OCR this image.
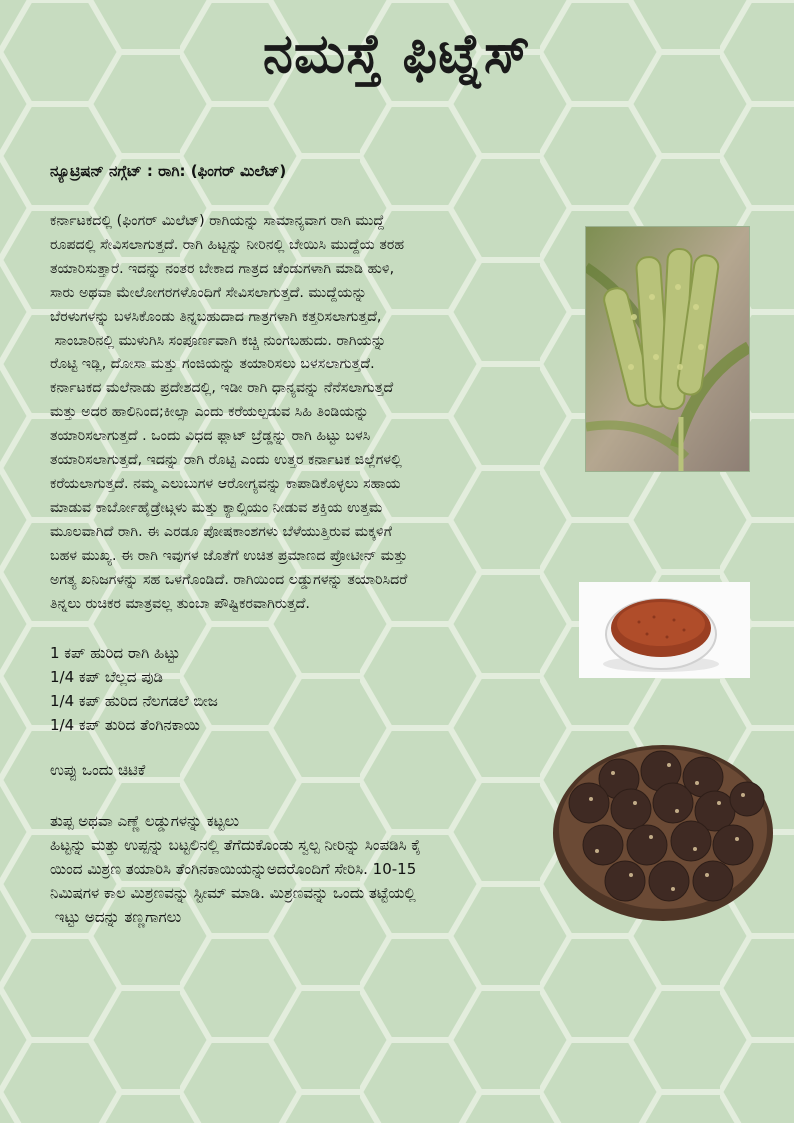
ನಮಸ್ತೆ ಫಿಟ್ನೆಸ್

ನ್ಯೂಟ್ರಿಷನ್ ನಗ್ಗೆಟ್ : ರಾಗಿ: (ಫಿಂಗರ್ ಮಿಲೆಟ್)

ಕರ್ನಾಟಕದಲ್ಲಿ (ಫಿಂಗರ್ ಮಿಲೆಟ್) ರಾಗಿಯನ್ನು ಸಾಮಾನ್ಯವಾಗ ರಾಗಿ ಮುದ್ದೆ
ರೂಪದಲ್ಲಿ ಸೇವಿಸಲಾಗುತ್ತದೆ. ರಾಗಿ ಹಿಟ್ಟನ್ನು ನೀರಿನಲ್ಲಿ ಬೇಯಿಸಿ ಮುದ್ದೆಯ ತರಹ
ತಯಾರಿಸುತ್ತಾರೆ. ಇದನ್ನು ನಂತರ ಬೇಕಾದ ಗಾತ್ರದ ಚೆಂಡುಗಳಾಗಿ ಮಾಡಿ ಹುಳಿ,
ಸಾರು ಅಥವಾ ಮೇಲೋಗರಗಳೊಂದಿಗೆ ಸೇವಿಸಲಾಗುತ್ತದೆ. ಮುದ್ದೆಯನ್ನು
ಬೆರಳುಗಳನ್ನು ಬಳಸಿಕೊಂಡು ತಿನ್ನಬಹುದಾದ ಗಾತ್ರಗಳಾಗಿ ಕತ್ತರಿಸಲಾಗುತ್ತದೆ,
ಸಾಂಬಾರಿನಲ್ಲಿ ಮುಳುಗಿಸಿ ಸಂಪೂರ್ಣವಾಗಿ ಕಚ್ಚಿ ನುಂಗಬಹುದು. ರಾಗಿಯನ್ನು
ರೊಟ್ಟಿ ಇಡ್ಲಿ, ದೋಸಾ ಮತ್ತು ಗಂಜಿಯನ್ನು ತಯಾರಿಸಲು ಬಳಸಲಾಗುತ್ತದೆ.
ಕರ್ನಾಟಕದ ಮಲೆನಾಡು ಪ್ರದೇಶದಲ್ಲಿ, ಇಡೀ ರಾಗಿ ಧಾನ್ಯವನ್ನು ನೆನೆಸಲಾಗುತ್ತದೆ
ಮತ್ತು ಅದರ ಹಾಲಿನಿಂದ;ಕೀಲ್ಸಾ ಎಂದು ಕರೆಯಲ್ಪಡುವ ಸಿಹಿ ತಿಂಡಿಯನ್ನು
ತಯಾರಿಸಲಾಗುತ್ತದೆ . ಒಂದು ವಿಧದ ಫ್ಲಾಟ್ ಬ್ರೆಡ್ಡನ್ನು ರಾಗಿ ಹಿಟ್ಟು ಬಳಸಿ
ತಯಾರಿಸಲಾಗುತ್ತದೆ, ಇದನ್ನು ರಾಗಿ ರೊಟ್ಟಿ ಎಂದು ಉತ್ತರ ಕರ್ನಾಟಕ ಜಿಲ್ಲೆಗಳಲ್ಲಿ
ಕರೆಯಲಾಗುತ್ತದೆ. ನಮ್ಮ ಎಲುಬುಗಳ ಆರೋಗ್ಯವನ್ನು ಕಾಪಾಡಿಕೊಳ್ಳಲು ಸಹಾಯ
ಮಾಡುವ ಕಾರ್ಬೋಹೈಡ್ರೇಟ್ಗಳು ಮತ್ತು ಕ್ಯಾಲ್ಸಿಯಂ ನೀಡುವ ಶಕ್ತಿಯ ಉತ್ತಮ
ಮೂಲವಾಗಿದೆ ರಾಗಿ. ಈ ಎರಡೂ ಪೋಷಕಾಂಶಗಳು ಬೆಳೆಯುತ್ತಿರುವ ಮಕ್ಕಳಿಗೆ
ಬಹಳ ಮುಖ್ಯ. ಈ ರಾಗಿ ಇವುಗಳ ಜೊತೆಗೆ ಉಚಿತ ಪ್ರಮಾಣದ ಪ್ರೋಟೀನ್ ಮತ್ತು
ಅಗತ್ಯ ಖನಿಜಗಳನ್ನು ಸಹ ಒಳಗೊಂಡಿದೆ. ರಾಗಿಯಿಂದ ಲಡ್ಡುಗಳನ್ನು ತಯಾರಿಸಿದರೆ
ತಿನ್ನಲು ರುಚಿಕರ ಮಾತ್ರವಲ್ಲ ತುಂಬಾ ಪೌಷ್ಟಿಕರವಾಗಿರುತ್ತದೆ.
1 ಕಪ್ ಹುರಿದ ರಾಗಿ ಹಿಟ್ಟು
1/4 ಕಪ್ ಬೆಲ್ಲದ ಪುಡಿ
1/4 ಕಪ್ ಹುರಿದ ನೆಲಗಡಲೆ ಬೀಜ
1/4 ಕಪ್ ತುರಿದ ತೆಂಗಿನಕಾಯಿ

ಉಪ್ಪು ಒಂದು ಚಿಟಿಕೆ

ತುಪ್ಪ ಅಥವಾ ಎಣ್ಣೆ ಲಡ್ಡುಗಳನ್ನು ಕಟ್ಟಲು
ಹಿಟ್ಟನ್ನು ಮತ್ತು ಉಪ್ಪನ್ನು ಬಟ್ಟಲಿನಲ್ಲಿ ತೆಗೆದುಕೊಂಡು ಸ್ವಲ್ಪ ನೀರಿನ್ನು ಸಿಂಪಡಿಸಿ ಕೈ
ಯಿಂದ ಮಿಶ್ರಣ ತಯಾರಿಸಿ ತೆಂಗಿನಕಾಯಿಯನ್ನುಅದರೊಂದಿಗೆ ಸೇರಿಸಿ. 10-15
ನಿಮಿಷಗಳ ಕಾಲ ಮಿಶ್ರಣವನ್ನು ಸ್ಟೀಮ್ ಮಾಡಿ. ಮಿಶ್ರಣವನ್ನು ಒಂದು ತಟ್ಟೆಯಲ್ಲಿ
ಇಟ್ಟು ಅದನ್ನು ತಣ್ಣಗಾಗಲು
